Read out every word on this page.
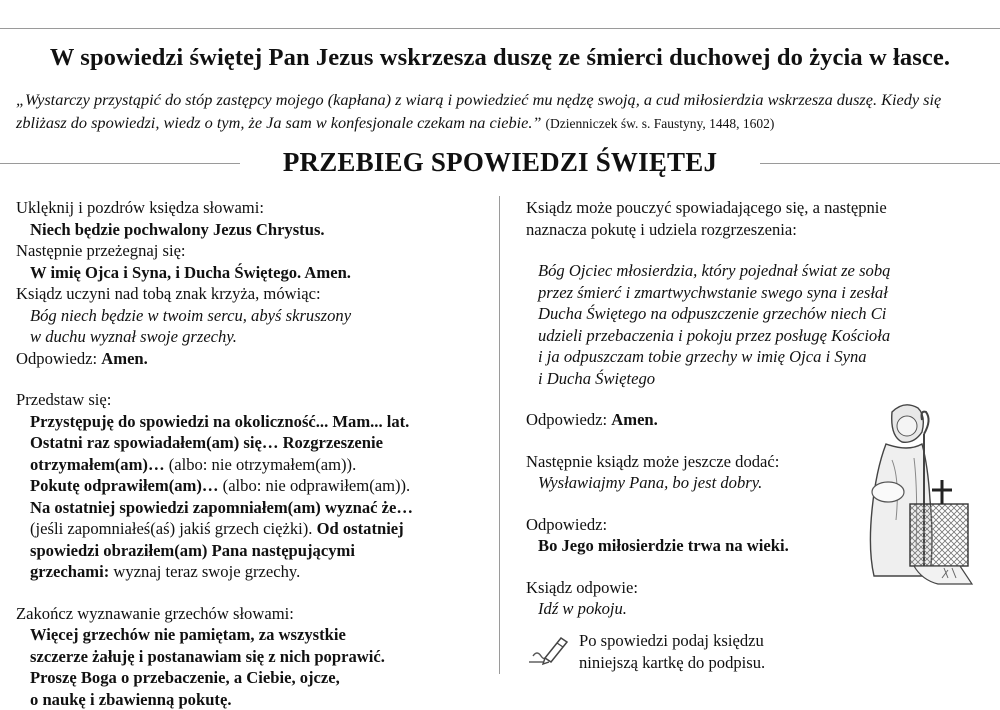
W spowiedzi świętej Pan Jezus wskrzesza duszę ze śmierci duchowej do życia w łasce.
„Wystarczy przystąpić do stóp zastępcy mojego (kapłana) z wiarą i powiedzieć mu nędzę swoją, a cud miłosierdzia wskrzesza duszę. Kiedy się zbliżasz do spowiedzi, wiedz o tym, że Ja sam w konfesjonale czekam na ciebie.” (Dzienniczek św. s. Faustyny, 1448, 1602)
PRZEBIEG SPOWIEDZI ŚWIĘTEJ

Uklęknij i pozdrów księdza słowami:

Niech będzie pochwalony Jezus Chrystus.

Następnie przeżegnaj się:

W imię Ojca i Syna, i Ducha Świętego. Amen.

Ksiądz uczyni nad tobą znak krzyża, mówiąc:

Bóg niech będzie w twoim sercu, abyś skruszony

w duchu wyznał swoje grzechy.

Odpowiedz: Amen.

Przedstaw się:

Przystępuję do spowiedzi na okoliczność... Mam... lat.

Ostatni raz spowiadałem(am) się… Rozgrzeszenie

otrzymałem(am)… (albo: nie otrzymałem(am)).

Pokutę odprawiłem(am)… (albo: nie odprawiłem(am)).

Na ostatniej spowiedzi zapomniałem(am) wyznać że…

(jeśli zapomniałeś(aś) jakiś grzech ciężki). Od ostatniej

spowiedzi obraziłem(am) Pana następującymi

grzechami: wyznaj teraz swoje grzechy.

Zakończ wyznawanie grzechów słowami:

Więcej grzechów nie pamiętam, za wszystkie

szczerze żałuję i postanawiam się z nich poprawić.

Proszę Boga o przebaczenie, a Ciebie, ojcze,

o naukę i zbawienną pokutę.

Ksiądz może pouczyć spowiadającego się, a następnie

naznacza pokutę i udziela rozgrzeszenia:

Bóg Ojciec młosierdzia, który pojednał świat ze sobą

przez śmierć i zmartwychwstanie swego syna i zesłał

Ducha Świętego na odpuszczenie grzechów niech Ci

udzieli przebaczenia i pokoju przez posługę Kościoła

i ja odpuszczam tobie grzechy w imię Ojca i Syna

i Ducha Świętego

Odpowiedz: Amen.

Następnie ksiądz może jeszcze dodać:

Wysławiajmy Pana, bo jest dobry.

Odpowiedz:

Bo Jego miłosierdzie trwa na wieki.

Ksiądz odpowie:

Idź w pokoju.

Po spowiedzi podaj księdzu
niniejszą kartkę do podpisu.
